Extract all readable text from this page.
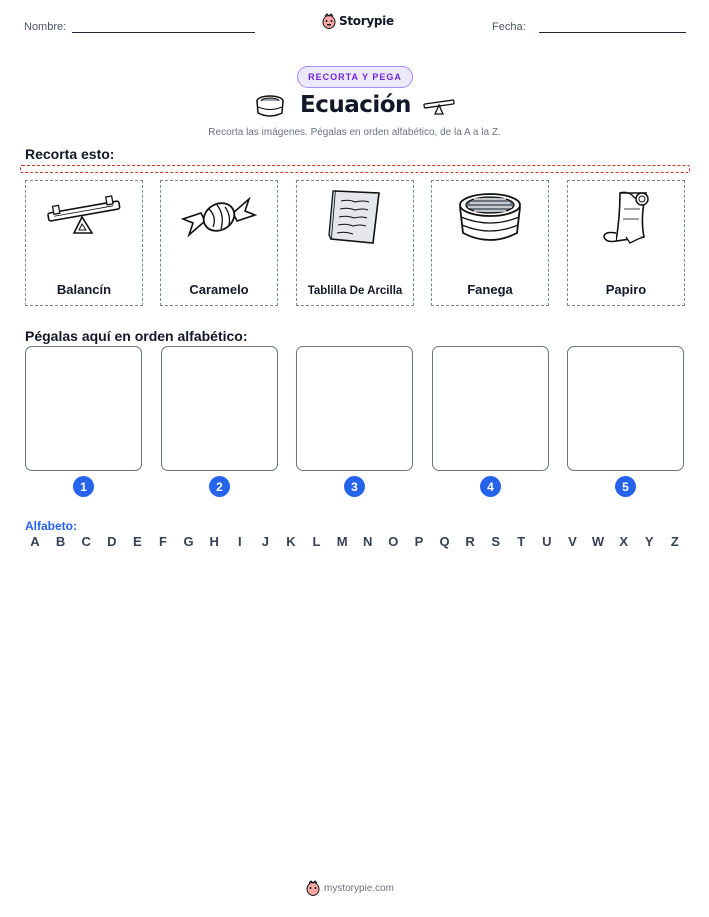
Nombre:	Storypie	Fecha:
RECORTA Y PEGA
Ecuación
Recorta las imágenes. Pégalas en orden alfabético, de la A a la Z.
Recorta esto:
Balancín	Caramelo	Tablilla De Arcilla	Fanega	Papiro
Pégalas aquí en orden alfabético:
1	2	3	4	5
Alfabeto:
A	B	C	D	E	F	G	H	I	J	K	L	M	N	O	P	Q	R	S	T	U	V	W	X	Y	Z
mystorypie.com
